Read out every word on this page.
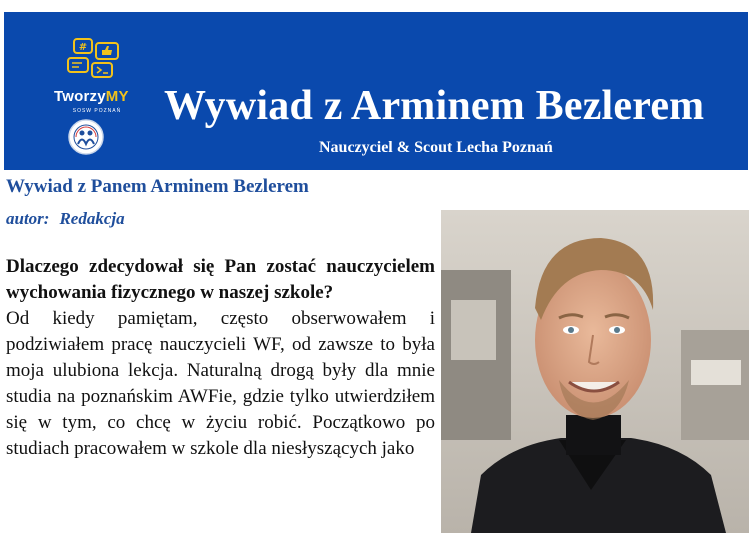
#
TworzyMY
SOSW POZNAŃ Wywiad z Arminem Bezlerem
Nauczyciel & Scout Lecha Poznań
Wywiad z Panem Arminem Bezlerem
autor: Redakcja

Dlaczego zdecydował się Pan zostać nauczycielem wychowania fizycznego w naszej szkole?

Od kiedy pamiętam, często obserwowałem i podziwiałem pracę nauczycieli WF, od zawsze to była moja ulubiona lekcja. Naturalną drogą były dla mnie studia na poznańskim AWFie, gdzie tylko utwierdziłem się w tym, co chcę w życiu robić. Początkowo po studiach pracowałem w szkole dla niesłyszących jako
